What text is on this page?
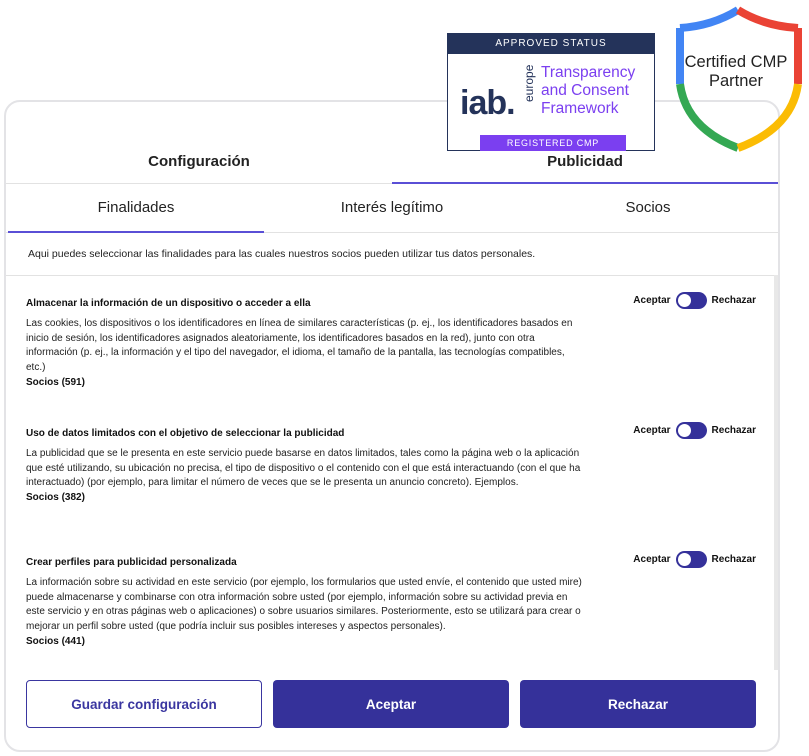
Configuración	Publicidad
Finalidades	Interés legítimo	Socios
Aqui puedes seleccionar las finalidades para las cuales nuestros socios pueden utilizar tus datos personales.
Almacenar la información de un dispositivo o acceder a ella

Las cookies, los dispositivos o los identificadores en línea de similares características (p. ej., los identificadores basados en inicio de sesión, los identificadores asignados aleatoriamente, los identificadores basados en la red), junto con otra información (p. ej., la información y el tipo del navegador, el idioma, el tamaño de la pantalla, las tecnologías compatibles, etc.)

Socios (591)
Aceptar	Rechazar
Uso de datos limitados con el objetivo de seleccionar la publicidad

La publicidad que se le presenta en este servicio puede basarse en datos limitados, tales como la página web o la aplicación que esté utilizando, su ubicación no precisa, el tipo de dispositivo o el contenido con el que está interactuando (con el que ha interactuado) (por ejemplo, para limitar el número de veces que se le presenta un anuncio concreto). Ejemplos.

Socios (382)
Aceptar	Rechazar
Crear perfiles para publicidad personalizada

La información sobre su actividad en este servicio (por ejemplo, los formularios que usted envíe, el contenido que usted mire) puede almacenarse y combinarse con otra información sobre usted (por ejemplo, información sobre su actividad previa en este servicio y en otras páginas web o aplicaciones) o sobre usuarios similares. Posteriormente, esto se utilizará para crear o mejorar un perfil sobre usted (que podría incluir sus posibles intereses y aspectos personales).

Socios (441)
Aceptar	Rechazar
Guardar configuración	Aceptar	Rechazar
APPROVED STATUS
iab.
europe Transparency and Consent Framework
REGISTERED CMP
Certified CMP Partner
